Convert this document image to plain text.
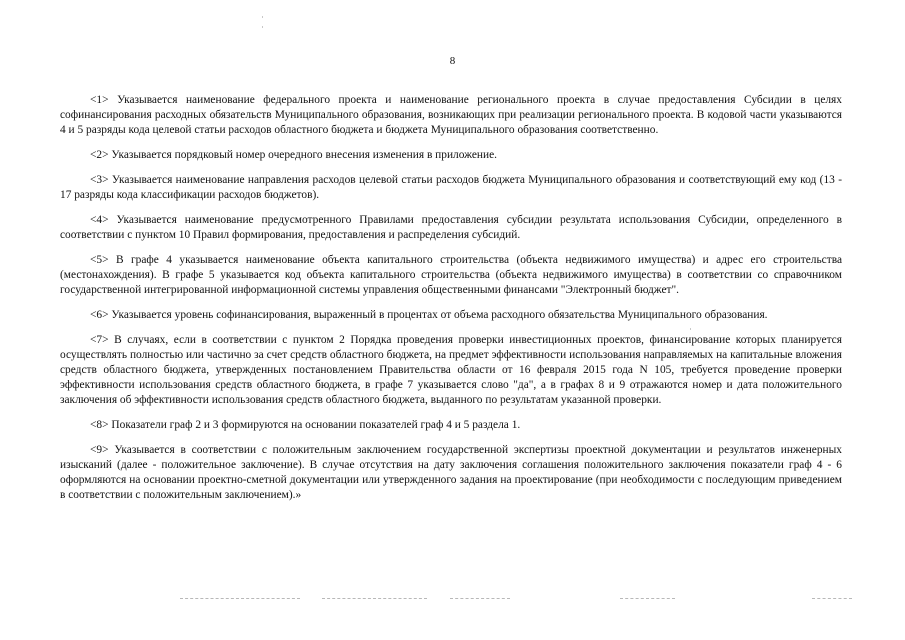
8

<1> Указывается наименование федерального проекта и наименование регионального проекта в случае предоставления Субсидии в целях софинансирования расходных обязательств Муниципального образования, возникающих при реализации регионального проекта. В кодовой части указываются 4 и 5 разряды кода целевой статьи расходов областного бюджета и бюджета Муниципального образования соответственно.

<2> Указывается порядковый номер очередного внесения изменения в приложение.

<3> Указывается наименование направления расходов целевой статьи расходов бюджета Муниципального образования и соответствующий ему код (13 - 17 разряды кода классификации расходов бюджетов).

<4> Указывается наименование предусмотренного Правилами предоставления субсидии результата использования Субсидии, определенного в соответствии с пунктом 10 Правил формирования, предоставления и распределения субсидий.

<5> В графе 4 указывается наименование объекта капитального строительства (объекта недвижимого имущества) и адрес его строительства (местонахождения). В графе 5 указывается код объекта капитального строительства (объекта недвижимого имущества) в соответствии со справочником государственной интегрированной информационной системы управления общественными финансами "Электронный бюджет".

<6> Указывается уровень софинансирования, выраженный в процентах от объема расходного обязательства Муниципального образования.

<7> В случаях, если в соответствии с пунктом 2 Порядка проведения проверки инвестиционных проектов, финансирование которых планируется осуществлять полностью или частично за счет средств областного бюджета, на предмет эффективности использования направляемых на капитальные вложения средств областного бюджета, утвержденных постановлением Правительства области от 16 февраля 2015 года N 105, требуется проведение проверки эффективности использования средств областного бюджета, в графе 7 указывается слово "да", а в графах 8 и 9 отражаются номер и дата положительного заключения об эффективности использования средств областного бюджета, выданного по результатам указанной проверки.

<8> Показатели граф 2 и 3 формируются на основании показателей граф 4 и 5 раздела 1.

<9> Указывается в соответствии с положительным заключением государственной экспертизы проектной документации и результатов инженерных изысканий (далее - положительное заключение). В случае отсутствия на дату заключения соглашения положительного заключения показатели граф 4 - 6 оформляются на основании проектно-сметной документации или утвержденного задания на проектирование (при необходимости с последующим приведением в соответствии с положительным заключением).»
